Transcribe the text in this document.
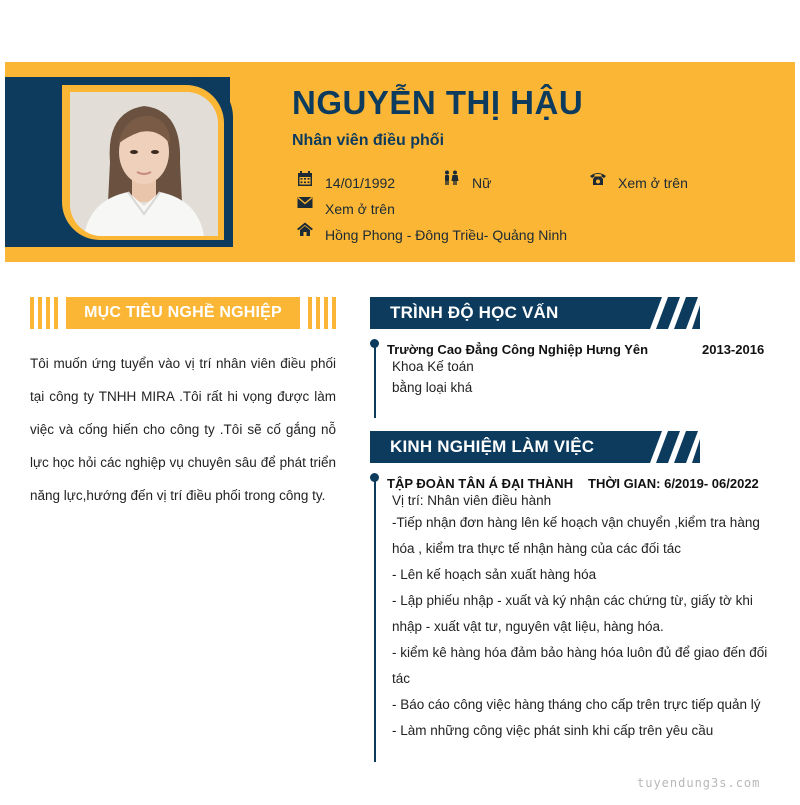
NGUYỄN THỊ HẬU
Nhân viên điều phối
14/01/1992	Nữ	Xem ở trên
Xem ở trên
Hồng Phong - Đông Triều- Quảng Ninh
MỤC TIÊU NGHỀ NGHIỆP
Tôi muốn ứng tuyển vào vị trí nhân viên điều phối tại công ty TNHH MIRA .Tôi rất hi vọng được làm việc và cống hiến cho công ty .Tôi sẽ cố gắng nỗ lực học hỏi các nghiệp vụ chuyên sâu để phát triển năng lực,hướng đến vị trí điều phối trong công ty.
TRÌNH ĐỘ HỌC VẤN
Trường Cao Đẳng Công Nghiệp Hưng Yên	2013-2016
Khoa Kế toán
bằng loại khá
KINH NGHIỆM LÀM VIỆC
TẬP ĐOÀN TÂN Á ĐẠI THÀNH THỜI GIAN: 6/2019- 06/2022
Vị trí: Nhân viên điều hành
-Tiếp nhận đơn hàng lên kế hoạch vận chuyển ,kiểm tra hàng hóa , kiểm tra thực tế nhận hàng của các đối tác
- Lên kế hoạch sản xuất hàng hóa
- Lập phiếu nhập - xuất và ký nhận các chứng từ, giấy tờ khi nhập - xuất vật tư, nguyên vật liệu, hàng hóa.
- kiểm kê hàng hóa đảm bảo hàng hóa luôn đủ để giao đến đối tác
- Báo cáo công việc hàng tháng cho cấp trên trực tiếp quản lý
- Làm những công việc phát sinh khi cấp trên yêu cầu
tuyendung3s.com
